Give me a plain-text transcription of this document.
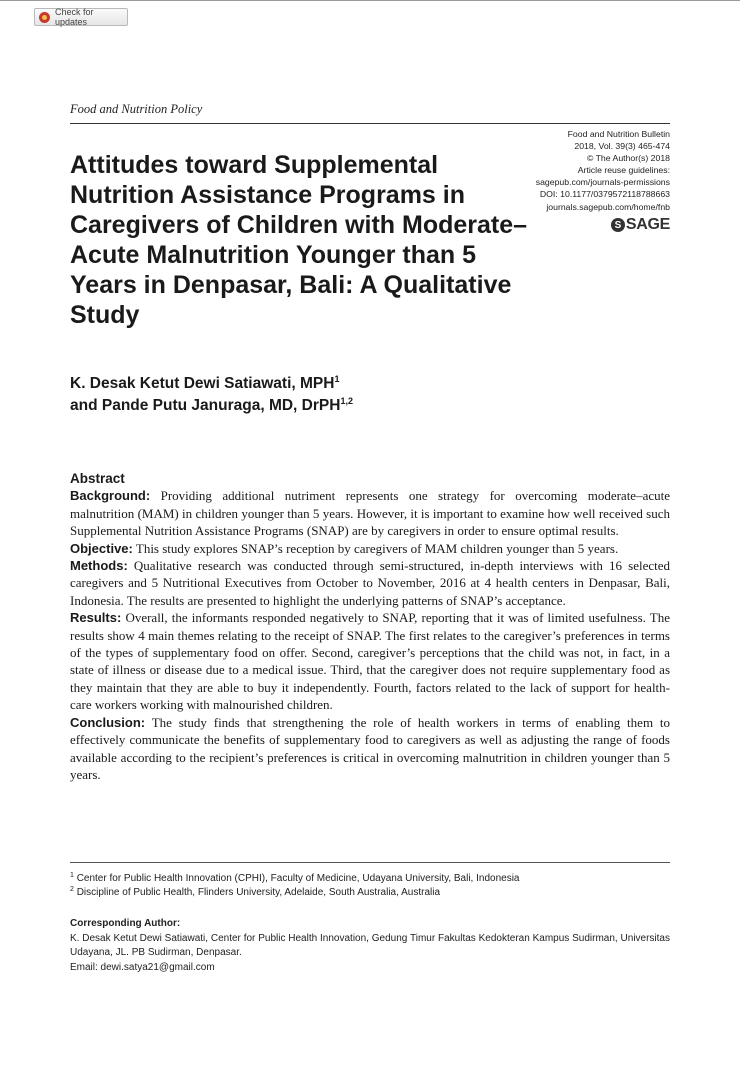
Check for updates
Food and Nutrition Policy
Food and Nutrition Bulletin
2018, Vol. 39(3) 465-474
© The Author(s) 2018
Article reuse guidelines:
sagepub.com/journals-permissions
DOI: 10.1177/0379572118788663
journals.sagepub.com/home/fnb
S SAGE
Attitudes toward Supplemental Nutrition Assistance Programs in Caregivers of Children with Moderate–Acute Malnutrition Younger than 5 Years in Denpasar, Bali: A Qualitative Study
K. Desak Ketut Dewi Satiawati, MPH$^1$
and Pande Putu Januraga, MD, DrPH$^{1,2}$
Abstract

Background: Providing additional nutriment represents one strategy for overcoming moderate–acute malnutrition (MAM) in children younger than 5 years. However, it is important to examine how well received such Supplemental Nutrition Assistance Programs (SNAP) are by caregivers in order to ensure optimal results.

Objective: This study explores SNAP’s reception by caregivers of MAM children younger than 5 years.

Methods: Qualitative research was conducted through semi-structured, in-depth interviews with 16 selected caregivers and 5 Nutritional Executives from October to November, 2016 at 4 health centers in Denpasar, Bali, Indonesia. The results are presented to highlight the underlying patterns of SNAP’s acceptance.

Results: Overall, the informants responded negatively to SNAP, reporting that it was of limited usefulness. The results show 4 main themes relating to the receipt of SNAP. The first relates to the caregiver’s preferences in terms of the types of supplementary food on offer. Second, caregiver’s perceptions that the child was not, in fact, in a state of illness or disease due to a medical issue. Third, that the caregiver does not require supplementary food as they maintain that they are able to buy it independently. Fourth, factors related to the lack of support for health-care workers working with malnourished children.

Conclusion: The study finds that strengthening the role of health workers in terms of enabling them to effectively communicate the benefits of supplementary food to caregivers as well as adjusting the range of foods available according to the recipient’s preferences is critical in overcoming malnutrition in children younger than 5 years.

$^1$ Center for Public Health Innovation (CPHI), Faculty of Medicine, Udayana University, Bali, Indonesia
$^2$ Discipline of Public Health, Flinders University, Adelaide, South Australia, Australia
Corresponding Author:
K. Desak Ketut Dewi Satiawati, Center for Public Health Innovation, Gedung Timur Fakultas Kedokteran Kampus Sudirman, Universitas Udayana, JL. PB Sudirman, Denpasar.
Email: dewi.satya21@gmail.com
